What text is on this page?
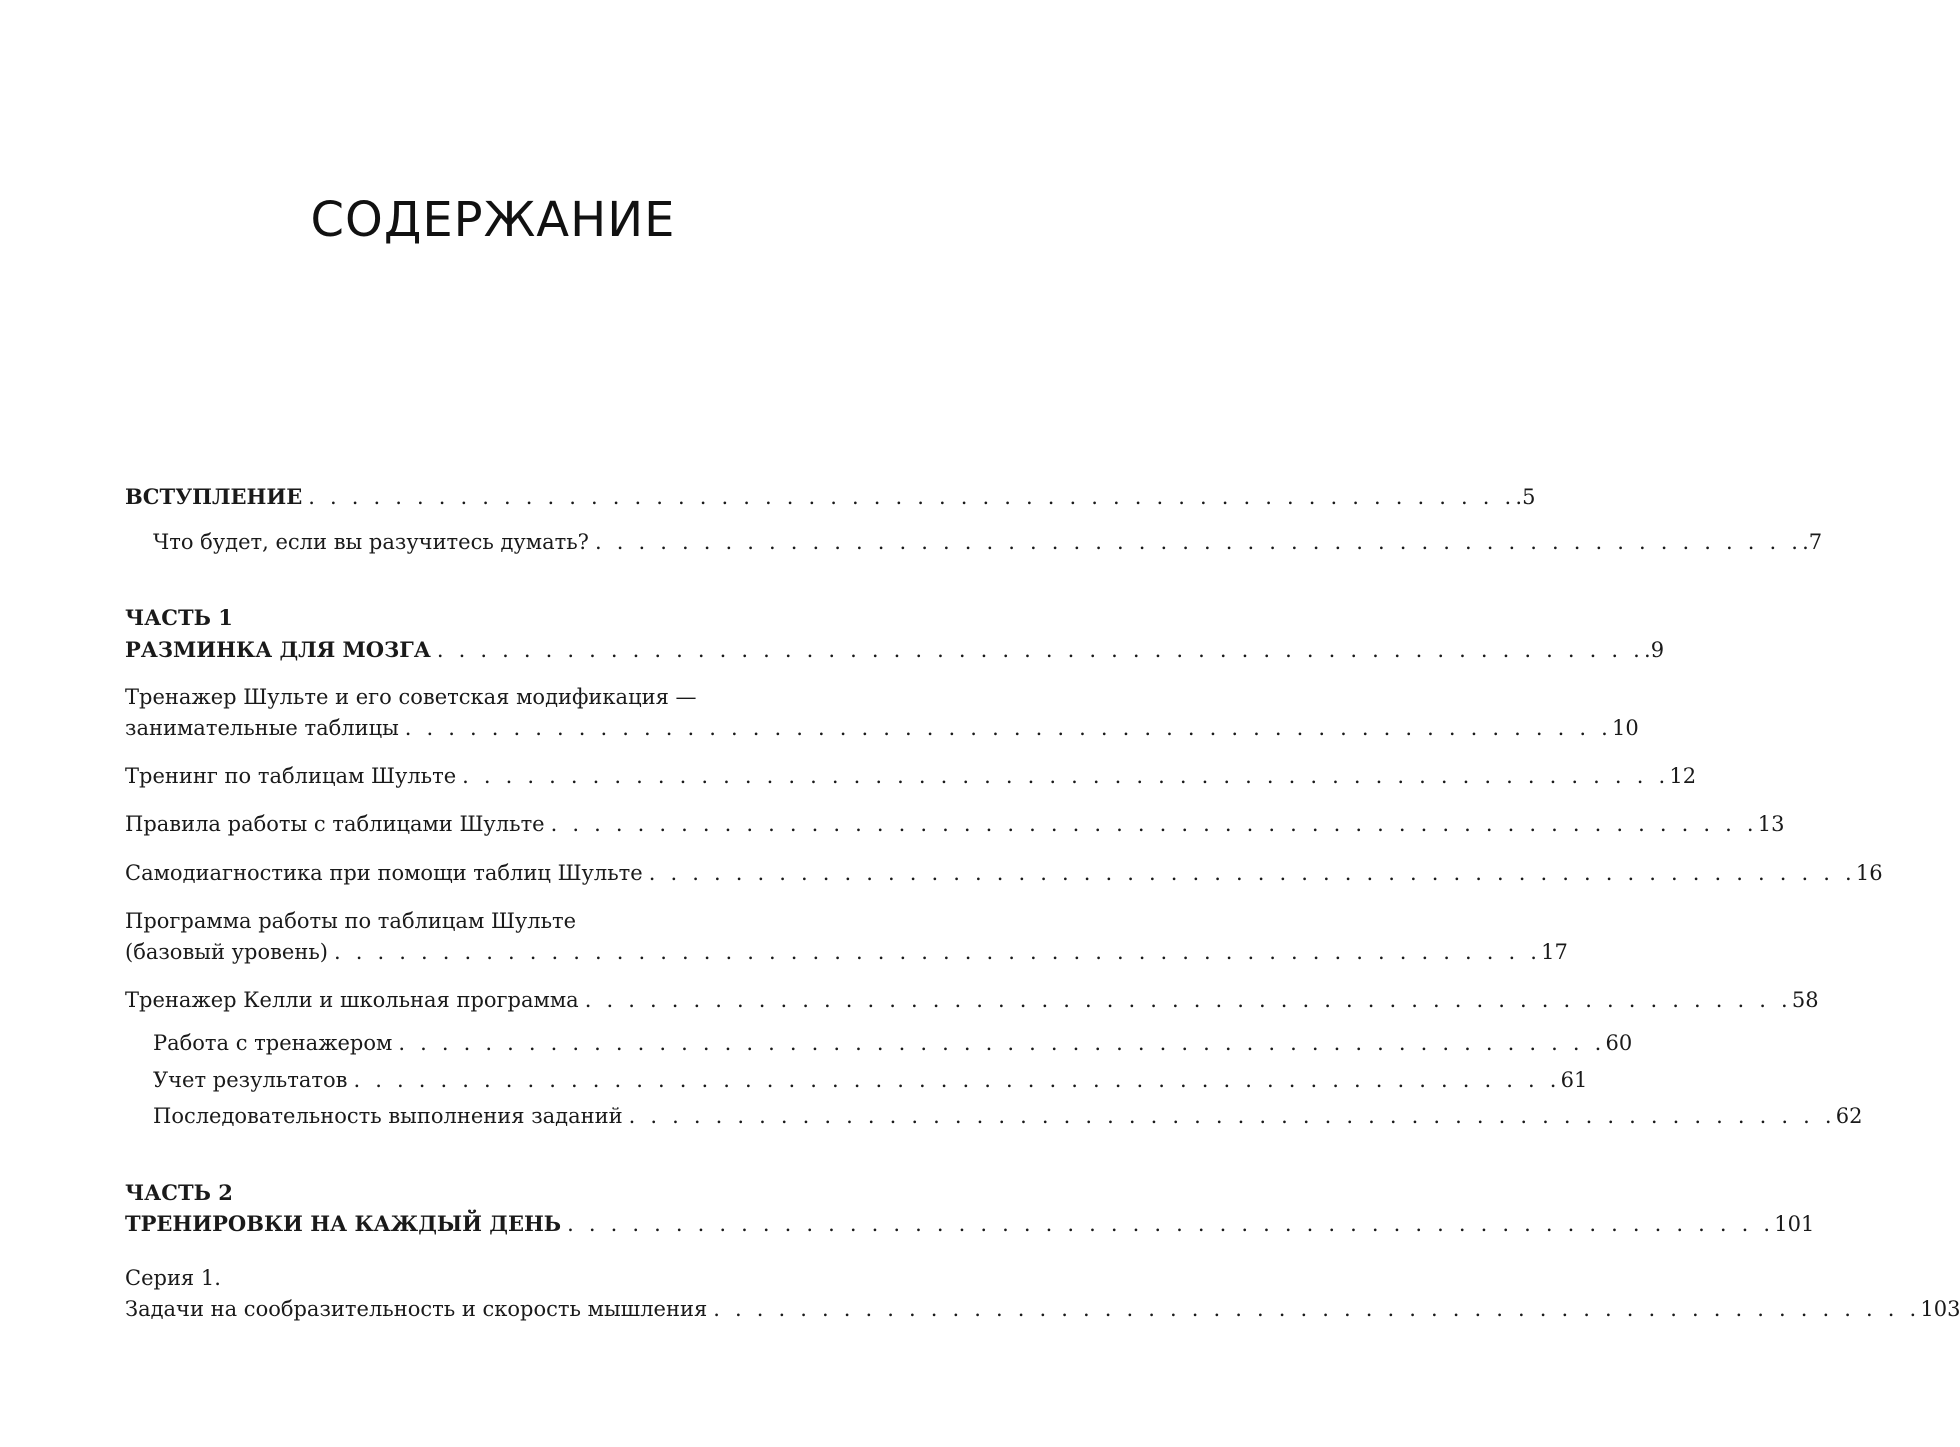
СОДЕРЖАНИЕ
ВСТУПЛЕНИЕ . . . . . . . . . . . . . . . . . . . . . . . . . . . . . . . . . . . . . . . . . . . . . . . . . . . . . . . . .5
Что будет, если вы разучитесь думать? . . . . . . . . . . . . . . . . . . . . . . . . . . . . . . . . . . . . . . . . . . . . . . . . . . . . . . . . .7
ЧАСТЬ 1
РАЗМИНКА ДЛЯ МОЗГА . . . . . . . . . . . . . . . . . . . . . . . . . . . . . . . . . . . . . . . . . . . . . . . . . . . . . . . . .9
Тренажер Шульте и его советская модификация —
занимательные таблицы . . . . . . . . . . . . . . . . . . . . . . . . . . . . . . . . . . . . . . . . . . . . . . . . . . . . . . . . 10
Тренинг по таблицам Шульте . . . . . . . . . . . . . . . . . . . . . . . . . . . . . . . . . . . . . . . . . . . . . . . . . . . . . . . . 12
Правила работы с таблицами Шульте . . . . . . . . . . . . . . . . . . . . . . . . . . . . . . . . . . . . . . . . . . . . . . . . . . . . . . . . 13
Самодиагностика при помощи таблиц Шульте . . . . . . . . . . . . . . . . . . . . . . . . . . . . . . . . . . . . . . . . . . . . . . . . . . . . . . . . 16
Программа работы по таблицам Шульте
(базовый уровень) . . . . . . . . . . . . . . . . . . . . . . . . . . . . . . . . . . . . . . . . . . . . . . . . . . . . . . . . 17
Тренажер Келли и школьная программа . . . . . . . . . . . . . . . . . . . . . . . . . . . . . . . . . . . . . . . . . . . . . . . . . . . . . . . . 58
Работа с тренажером . . . . . . . . . . . . . . . . . . . . . . . . . . . . . . . . . . . . . . . . . . . . . . . . . . . . . . . . 60
Учет результатов . . . . . . . . . . . . . . . . . . . . . . . . . . . . . . . . . . . . . . . . . . . . . . . . . . . . . . . . 61
Последовательность выполнения заданий . . . . . . . . . . . . . . . . . . . . . . . . . . . . . . . . . . . . . . . . . . . . . . . . . . . . . . . . 62
ЧАСТЬ 2
ТРЕНИРОВКИ НА КАЖДЫЙ ДЕНЬ . . . . . . . . . . . . . . . . . . . . . . . . . . . . . . . . . . . . . . . . . . . . . . . . . . . . . . . . 101
Серия 1.
Задачи на сообразительность и скорость мышления . . . . . . . . . . . . . . . . . . . . . . . . . . . . . . . . . . . . . . . . . . . . . . . . . . . . . . . . 103
